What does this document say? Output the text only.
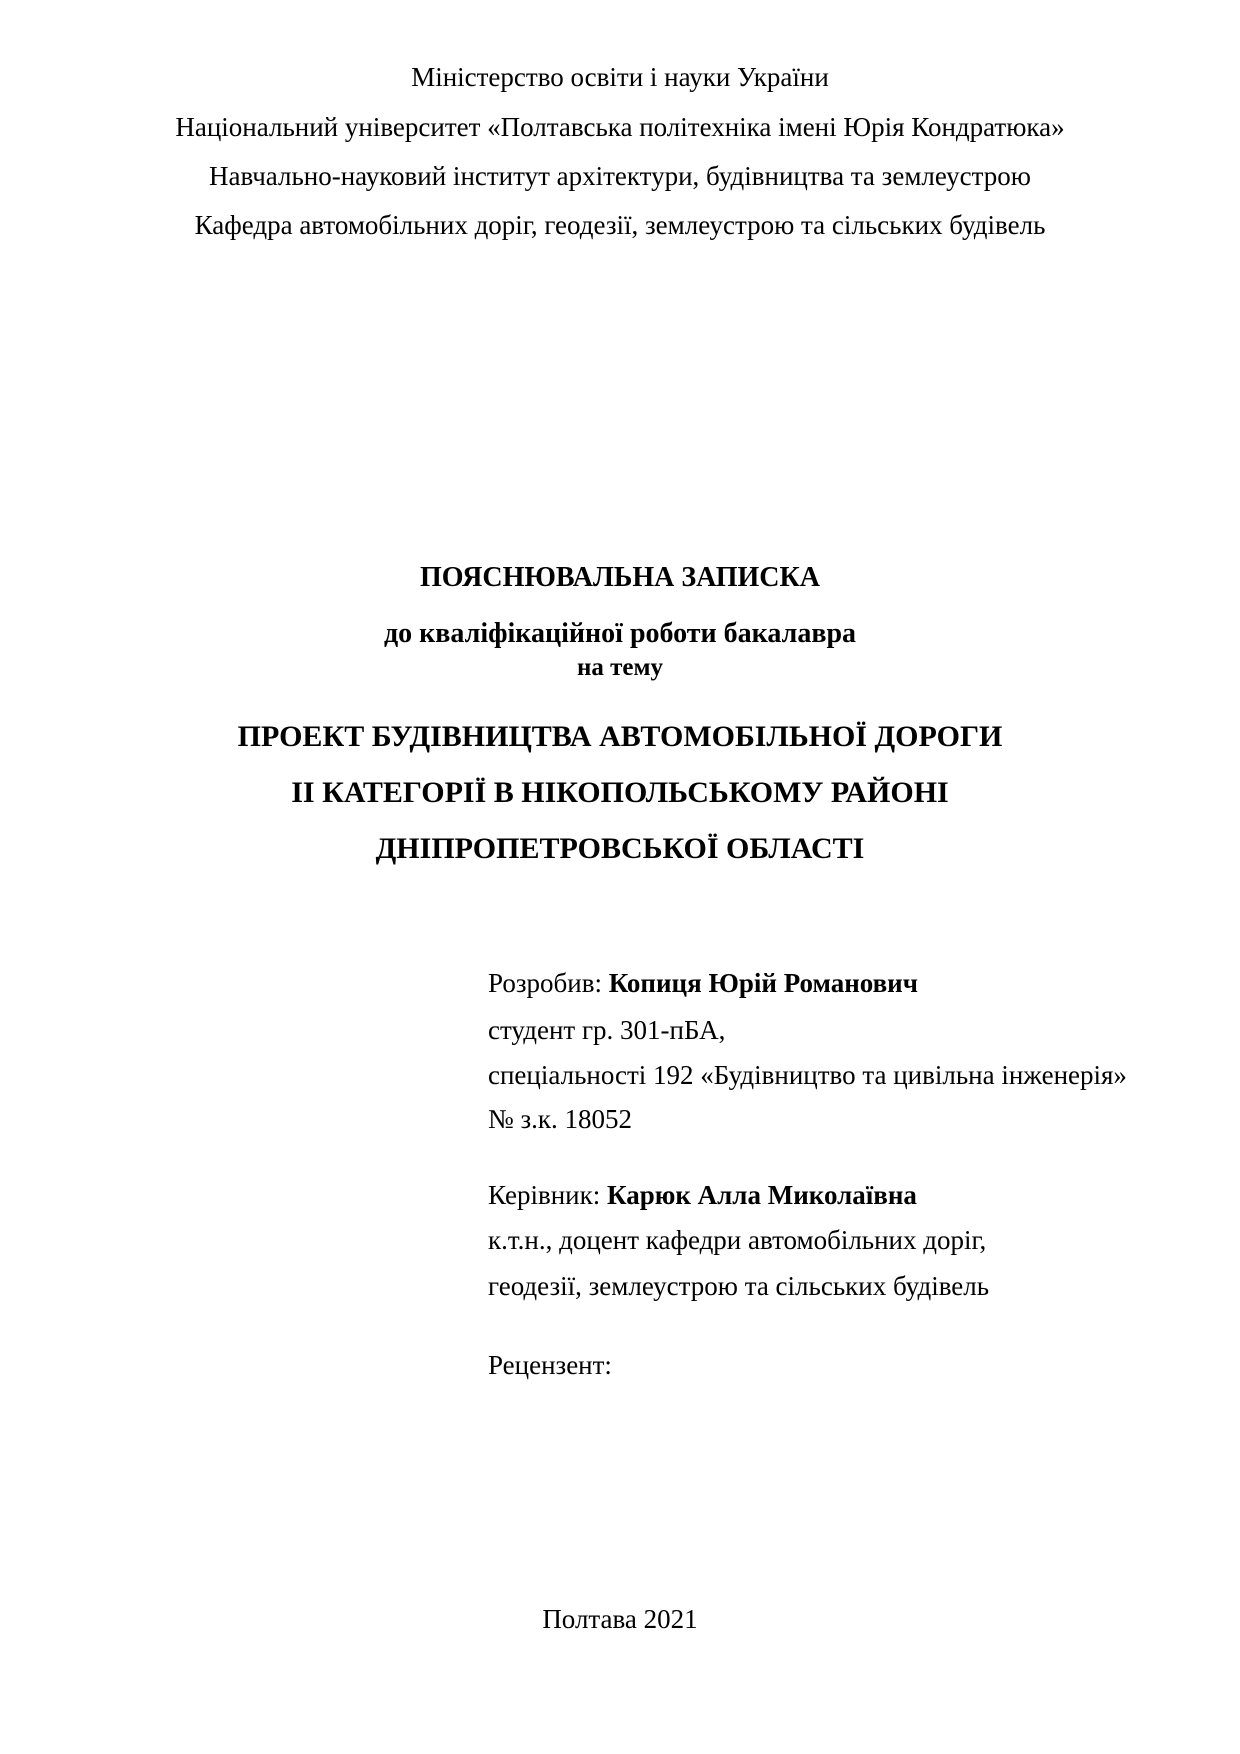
Міністерство освіти і науки України
Національний університет «Полтавська політехніка імені Юрія Кондратюка»
Навчально-науковий інститут архітектури, будівництва та землеустрою
Кафедра автомобільних доріг, геодезії, землеустрою та сільських будівель
ПОЯСНЮВАЛЬНА ЗАПИСКА
до кваліфікаційної роботи бакалавра
на тему
ПРОЕКТ БУДІВНИЦТВА АВТОМОБІЛЬНОЇ ДОРОГИ
ІІ КАТЕГОРІЇ В НІКОПОЛЬСЬКОМУ РАЙОНІ
ДНІПРОПЕТРОВСЬКОЇ ОБЛАСТІ
Розробив: Копиця Юрій Романович
студент гр. 301-пБА,
спеціальності 192 «Будівництво та цивільна інженерія»
№ з.к. 18052
Керівник: Карюк Алла Миколаївна
к.т.н., доцент кафедри автомобільних доріг,
геодезії, землеустрою та сільських будівель
Рецензент:
Полтава 2021
